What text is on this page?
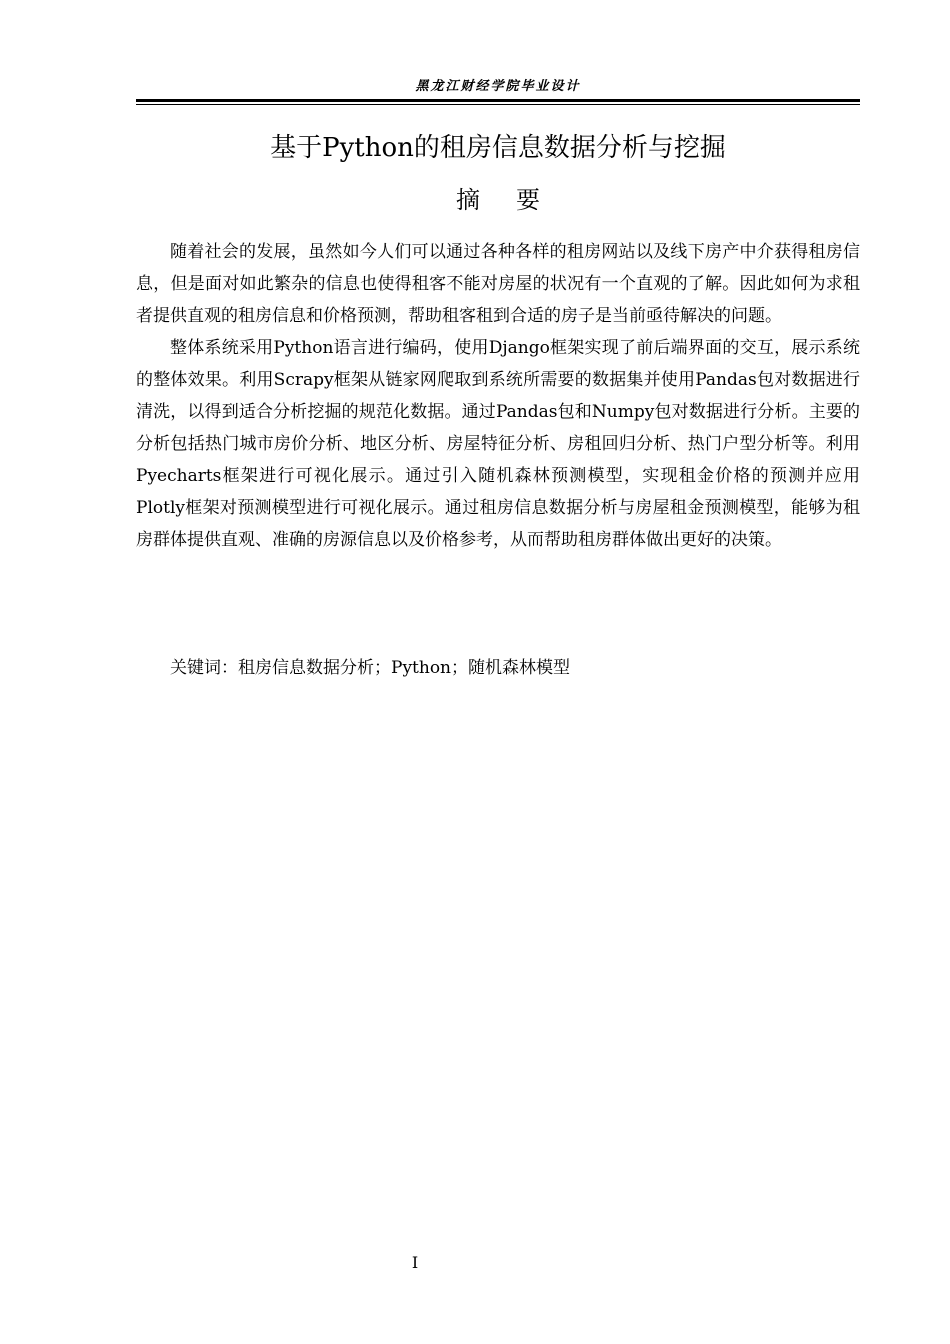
黑龙江财经学院毕业设计
基于Python的租房信息数据分析与挖掘
摘要

随着社会的发展，虽然如今人们可以通过各种各样的租房网站以及线下房产中介获得租房信息，但是面对如此繁杂的信息也使得租客不能对房屋的状况有一个直观的了解。因此如何为求租者提供直观的租房信息和价格预测，帮助租客租到合适的房子是当前亟待解决的问题。

整体系统采用Python语言进行编码，使用Django框架实现了前后端界面的交互，展示系统的整体效果。利用Scrapy框架从链家网爬取到系统所需要的数据集并使用Pandas包对数据进行清洗，以得到适合分析挖掘的规范化数据。通过Pandas包和Numpy包对数据进行分析。主要的分析包括热门城市房价分析、地区分析、房屋特征分析、房租回归分析、热门户型分析等。利用Pyecharts框架进行可视化展示。通过引入随机森林预测模型，实现租金价格的预测并应用Plotly框架对预测模型进行可视化展示。通过租房信息数据分析与房屋租金预测模型，能够为租房群体提供直观、准确的房源信息以及价格参考，从而帮助租房群体做出更好的决策。

关键词：租房信息数据分析；Python；随机森林模型

I
